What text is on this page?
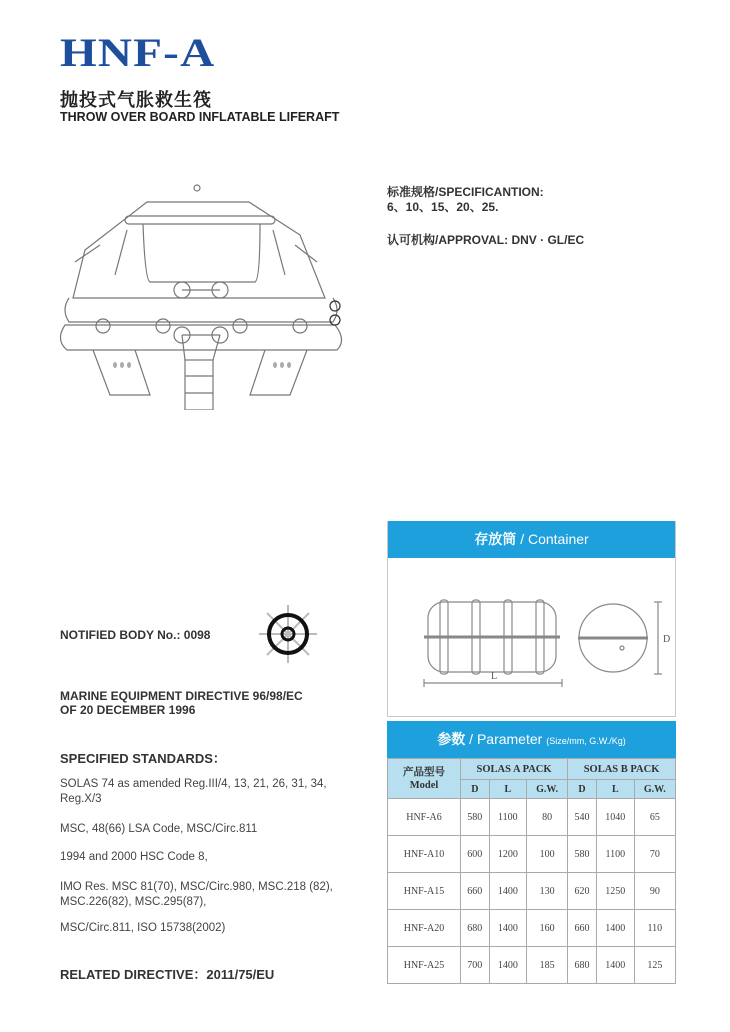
HNF-A
抛投式气胀救生筏
THROW OVER BOARD INFLATABLE LIFERAFT
标准规格/SPECIFICANTION:
6、10、15、20、25.
认可机构/APPROVAL: DNV · GL/EC
NOTIFIED BODY No.: 0098
MARINE EQUIPMENT DIRECTIVE 96/98/EC
OF 20 DECEMBER 1996
SPECIFIED STANDARDS：
SOLAS 74 as amended Reg.III/4, 13, 21, 26, 31, 34, Reg.X/3
MSC, 48(66) LSA Code, MSC/Circ.811
1994 and 2000 HSC Code 8,
IMO Res. MSC 81(70), MSC/Circ.980, MSC.218 (82), MSC.226(82), MSC.295(87),
MSC/Circ.811, ISO 15738(2002)
RELATED DIRECTIVE：2011/75/EU
存放筒 / Container
L
D
参数 / Parameter (Size/mm, G.W./Kg)
产品型号
Model	SOLAS A PACK			SOLAS B PACK		
	D	L	G.W.	D	L	G.W.
HNF-A6	580	1100	80	540	1040	65
HNF-A10	600	1200	100	580	1100	70
HNF-A15	660	1400	130	620	1250	90
HNF-A20	680	1400	160	660	1400	110
HNF-A25	700	1400	185	680	1400	125
